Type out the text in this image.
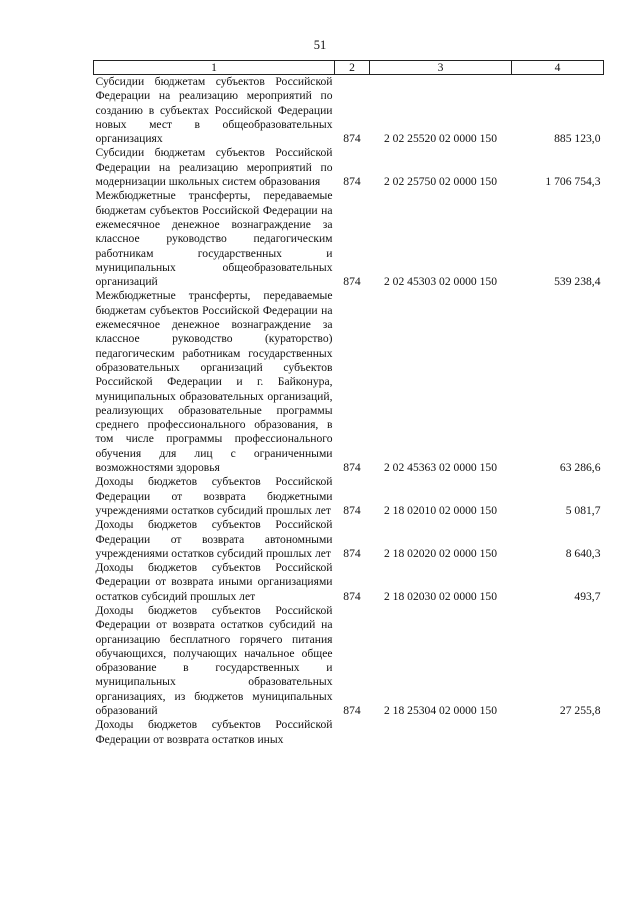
51
1	2	3	4
Субсидии бюджетам субъектов Российской Федерации на реализацию мероприятий по созданию в субъектах Российской Федерации новых мест в общеобразовательных организациях	874	2 02 25520 02 0000 150	885 123,0
Субсидии бюджетам субъектов Российской Федерации на реализацию мероприятий по модернизации школьных систем образования	874	2 02 25750 02 0000 150	1 706 754,3
Межбюджетные трансферты, передаваемые бюджетам субъектов Российской Федерации на ежемесячное денежное вознаграждение за классное руководство педагогическим работникам государственных и муниципальных общеобразовательных организаций	874	2 02 45303 02 0000 150	539 238,4
Межбюджетные трансферты, передаваемые бюджетам субъектов Российской Федерации на ежемесячное денежное вознаграждение за классное руководство (кураторство) педагогическим работникам государственных образовательных организаций субъектов Российской Федерации и г. Байконура, муниципальных образовательных организаций, реализующих образовательные программы среднего профессионального образования, в том числе программы профессионального обучения для лиц с ограниченными возможностями здоровья	874	2 02 45363 02 0000 150	63 286,6
Доходы бюджетов субъектов Российской Федерации от возврата бюджетными учреждениями остатков субсидий прошлых лет	874	2 18 02010 02 0000 150	5 081,7
Доходы бюджетов субъектов Российской Федерации от возврата автономными учреждениями остатков субсидий прошлых лет	874	2 18 02020 02 0000 150	8 640,3
Доходы бюджетов субъектов Российской Федерации от возврата иными организациями остатков субсидий прошлых лет	874	2 18 02030 02 0000 150	493,7
Доходы бюджетов субъектов Российской Федерации от возврата остатков субсидий на организацию бесплатного горячего питания обучающихся, получающих начальное общее образование в государственных и муниципальных образовательных организациях, из бюджетов муниципальных образований	874	2 18 25304 02 0000 150	27 255,8
Доходы бюджетов субъектов Российской Федерации от возврата остатков иных			
